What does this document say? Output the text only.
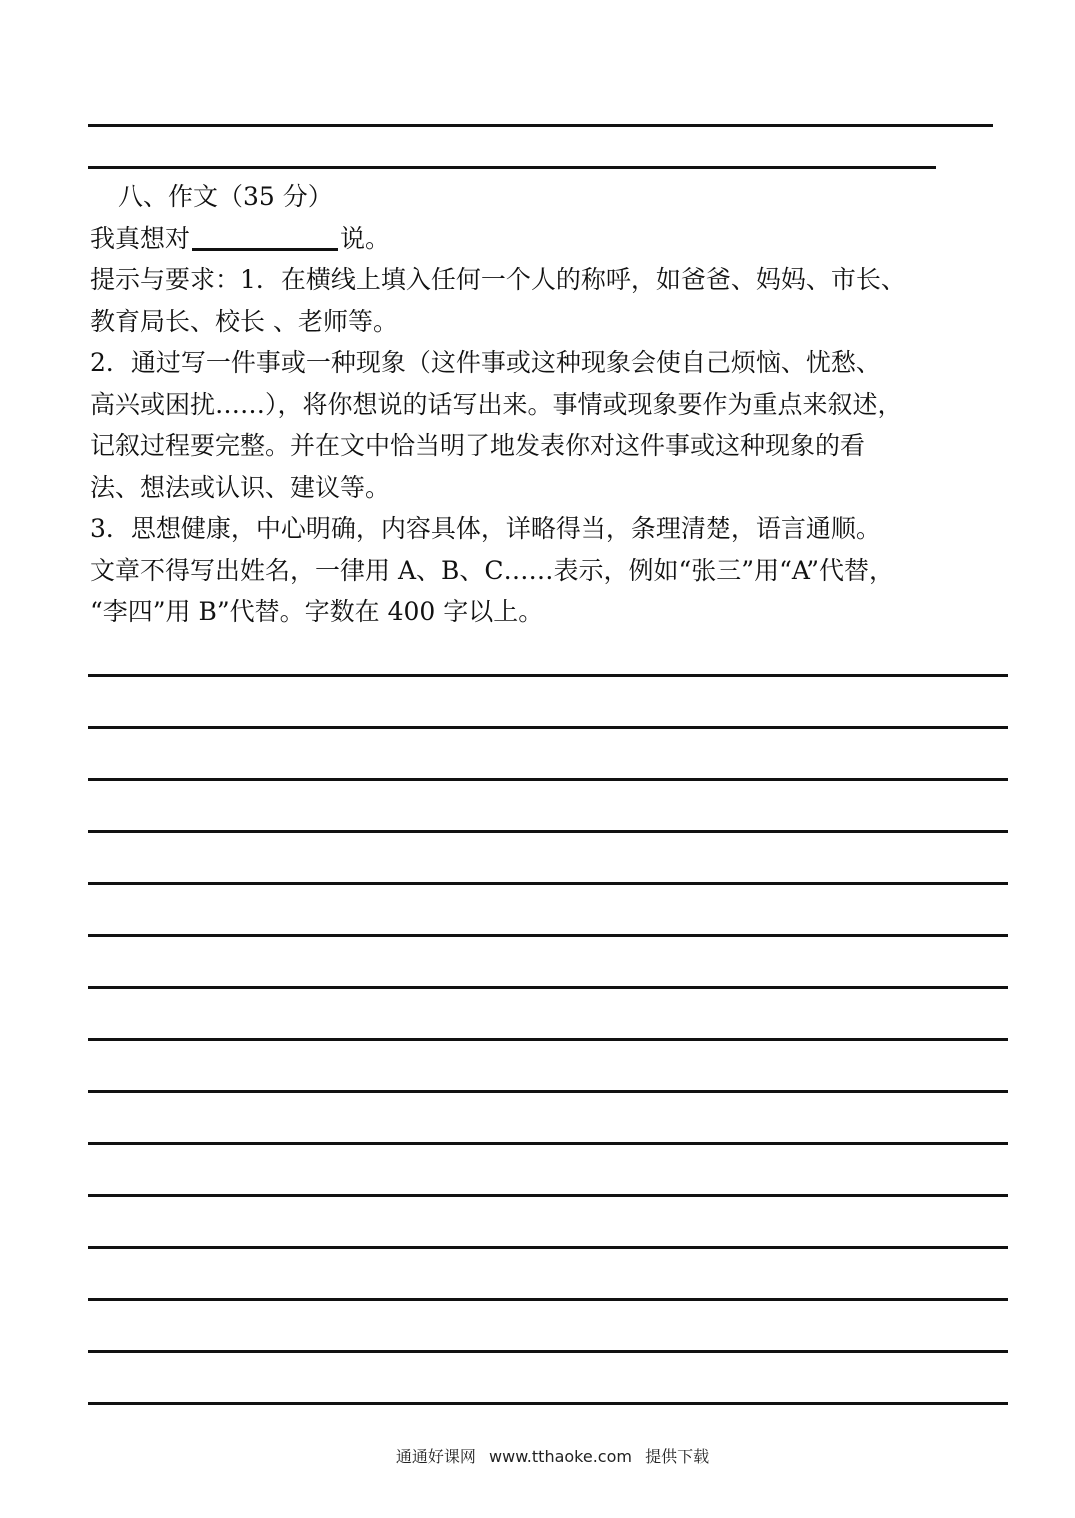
八、作文（35 分）
我真想对	说。
提示与要求：1．在横线上填入任何一个人的称呼，如爸爸、妈妈、市长、
教育局长、校长 、老师等。
2．通过写一件事或一种现象（这件事或这种现象会使自己烦恼、忧愁、
高兴或困扰……），将你想说的话写出来。事情或现象要作为重点来叙述，
记叙过程要完整。并在文中恰当明了地发表你对这件事或这种现象的看
法、想法或认识、建议等。
3．思想健康，中心明确，内容具体，详略得当，条理清楚，语言通顺。
文章不得写出姓名，一律用 A、B、C……表示，例如“张三”用“A”代替，
“李四”用 B”代替。字数在 400 字以上。
通通好课网 www.tthaoke.com 提供下载
